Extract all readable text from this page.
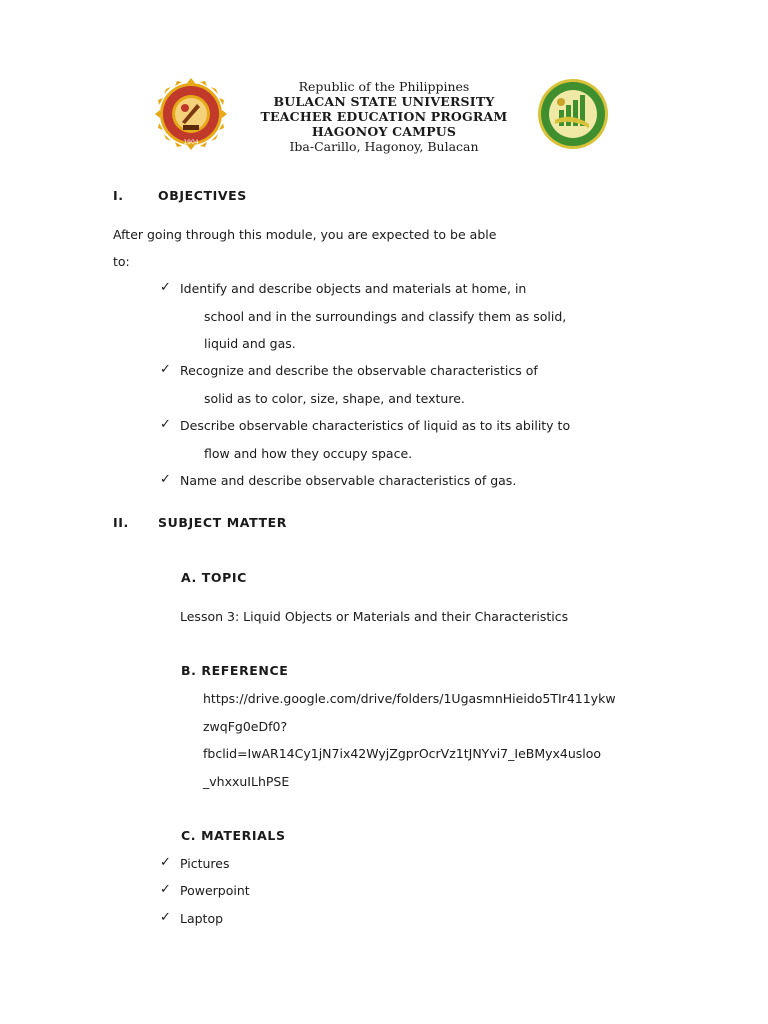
1904
Republic of the Philippines
BULACAN STATE UNIVERSITY
TEACHER EDUCATION PROGRAM
HAGONOY CAMPUS
Iba-Carillo, Hagonoy, Bulacan
I.	OBJECTIVES
After going through this module, you are expected to be able
to:
✓ Identify and describe objects and materials at home, in
school and in the surroundings and classify them as solid,
liquid and gas.
✓ Recognize and describe the observable characteristics of
solid as to color, size, shape, and texture.
✓ Describe observable characteristics of liquid as to its ability to
flow and how they occupy space.
✓ Name and describe observable characteristics of gas.
II. SUBJECT MATTER
A. TOPIC
Lesson 3: Liquid Objects or Materials and their Characteristics
B. REFERENCE
https://drive.google.com/drive/folders/1UgasmnHieido5TIr411ykw
zwqFg0eDf0?
fbclid=IwAR14Cy1jN7ix42WyjZgprOcrVz1tJNYvi7_IeBMyx4usloo
_vhxxuILhPSE
C. MATERIALS
✓ Pictures
✓ Powerpoint
✓ Laptop
